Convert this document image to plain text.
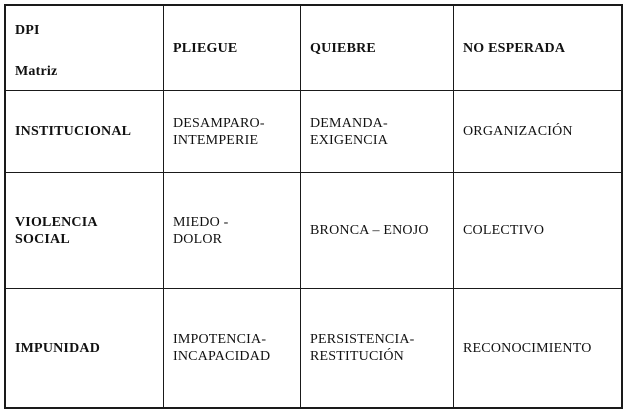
DPI
Matriz
PLIEGUE	QUIEBRE	NO ESPERADA
INSTITUCIONAL
DESAMPARO-
INTEMPERIE
DEMANDA-
EXIGENCIA
ORGANIZACIÓN
VIOLENCIA
SOCIAL
MIEDO -
DOLOR
BRONCA – ENOJO COLECTIVO
IMPUNIDAD
IMPOTENCIA-
INCAPACIDAD
PERSISTENCIA-
RESTITUCIÓN
RECONOCIMIENTO
